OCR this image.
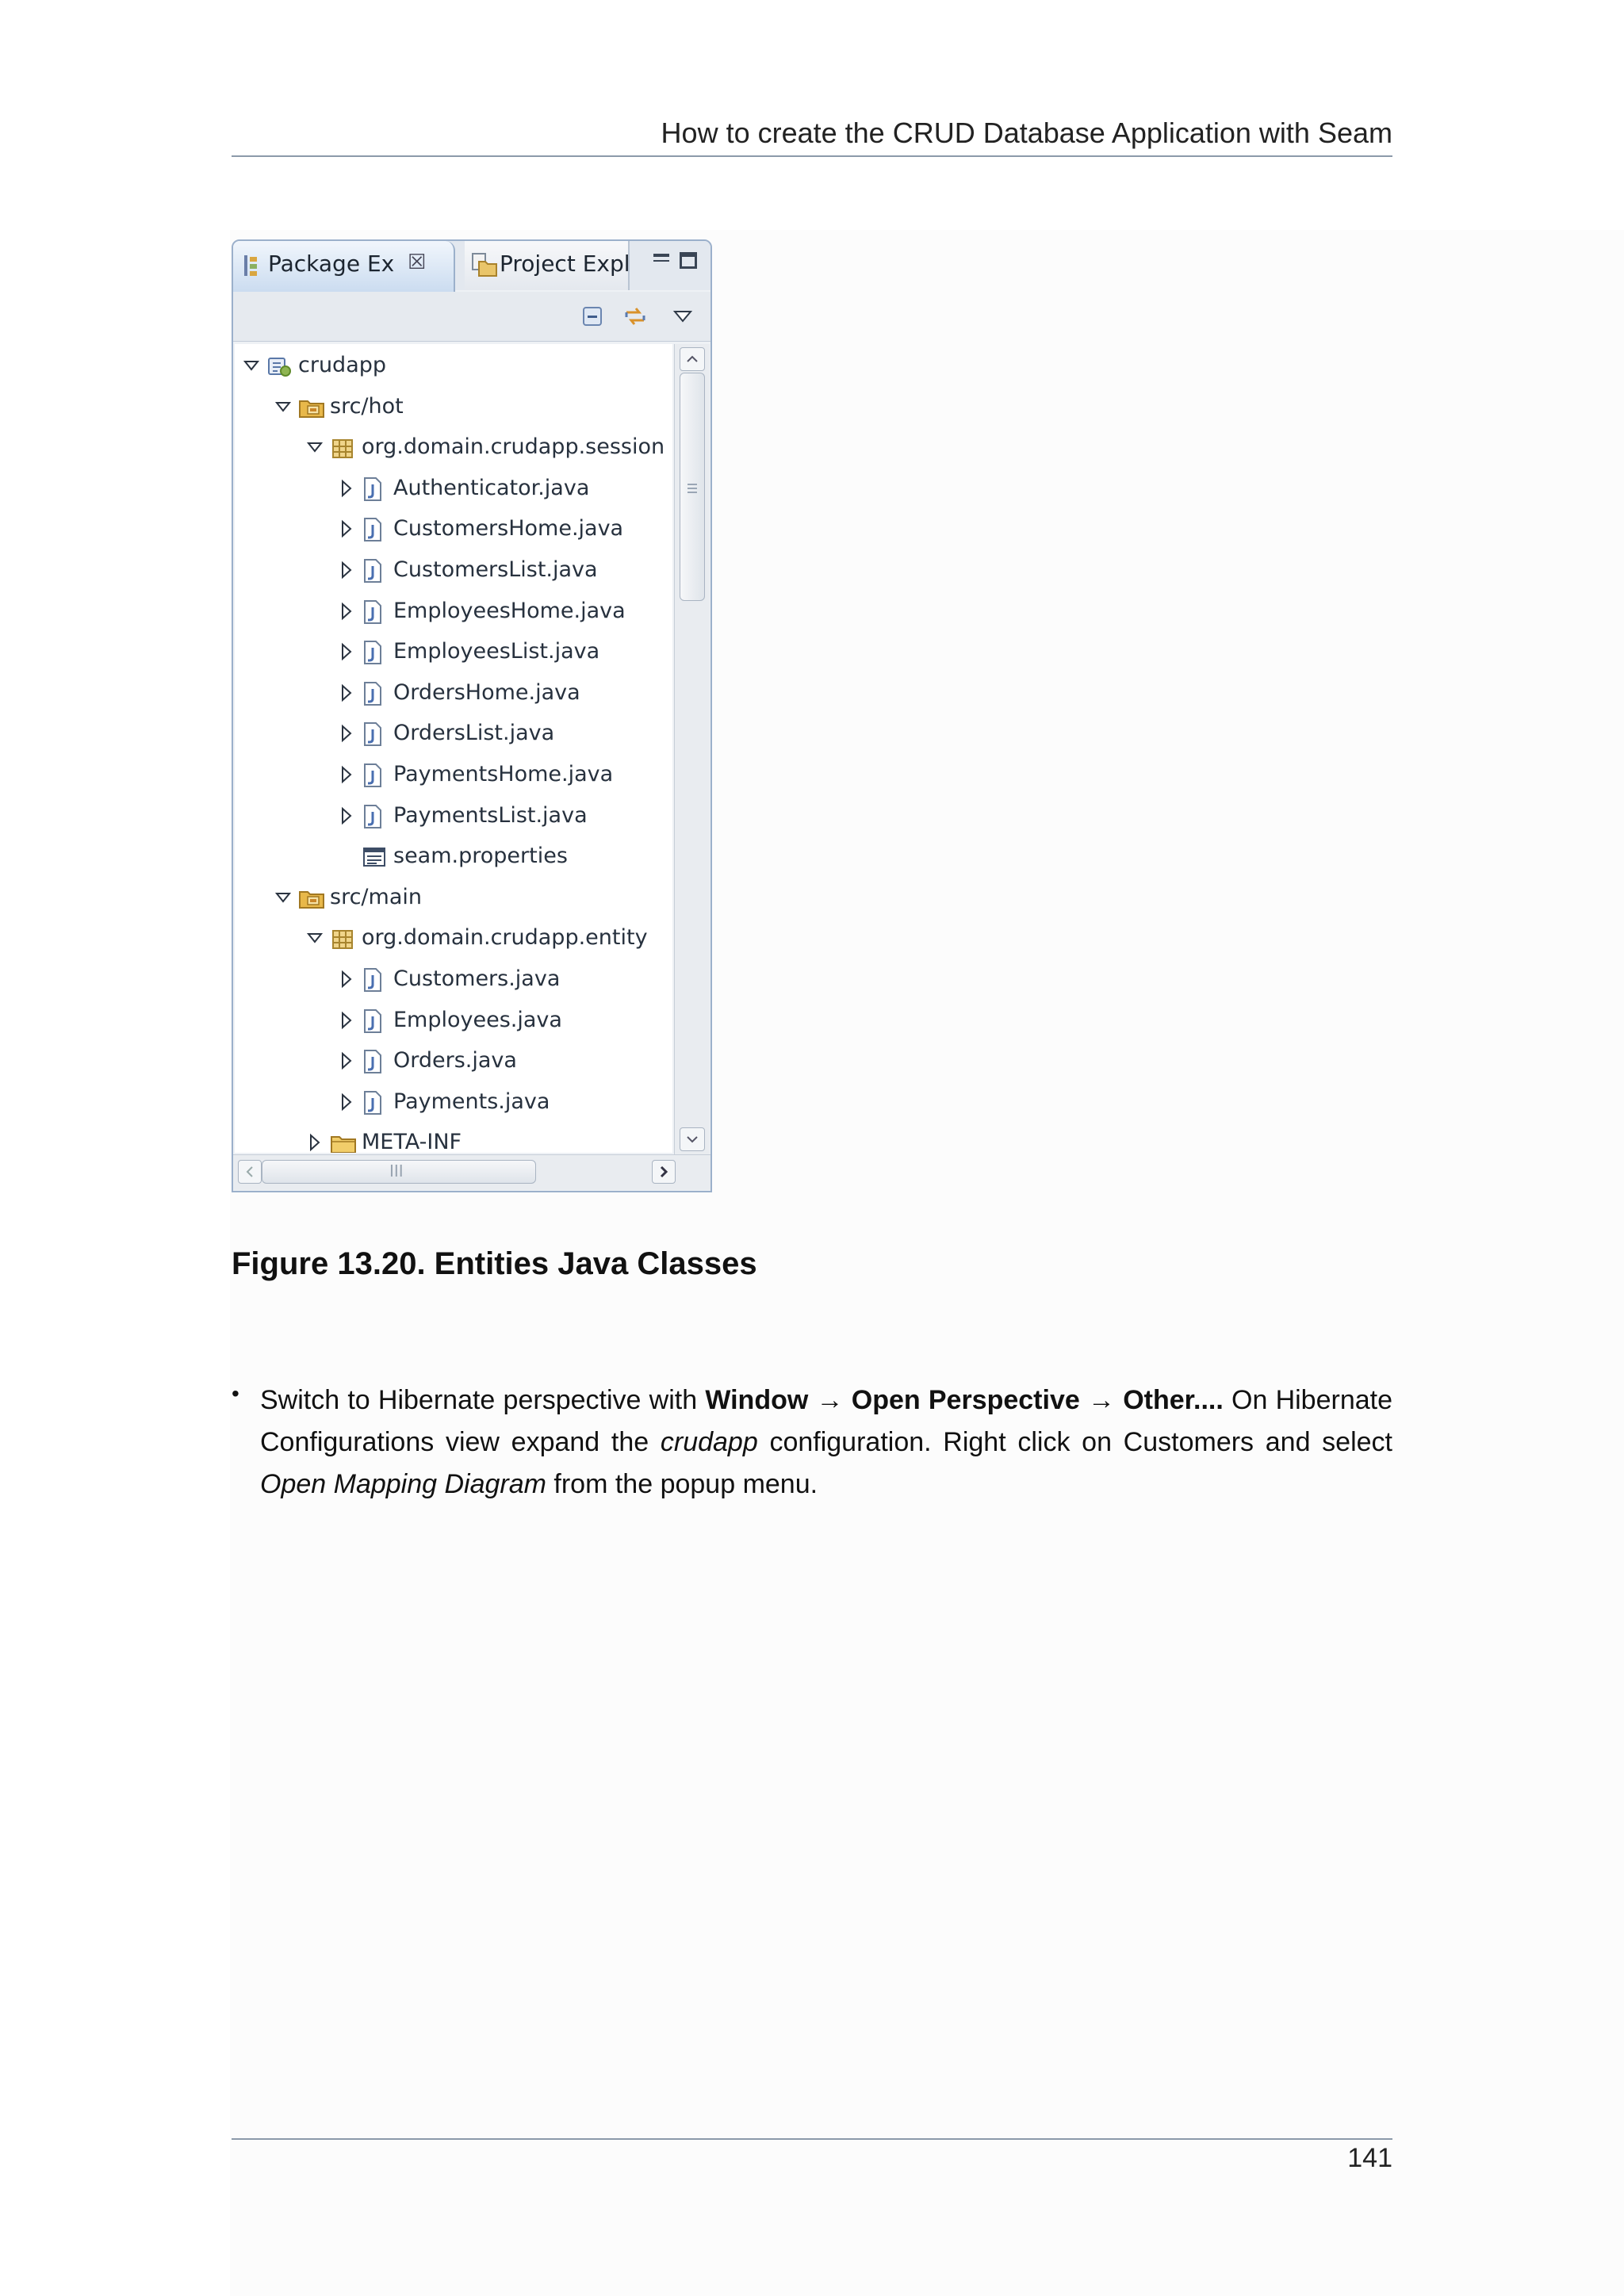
How to create the CRUD Database Application with Seam
Package Ex ☒	Project Expl
crudapp
src/hot
org.domain.crudapp.session
Authenticator.java
CustomersHome.java
CustomersList.java
EmployeesHome.java
EmployeesList.java
OrdersHome.java
OrdersList.java
PaymentsHome.java
PaymentsList.java
seam.properties
src/main
org.domain.crudapp.entity
Customers.java
Employees.java
Orders.java
Payments.java
META-INF
III
Figure 13.20. Entities Java Classes
• Switch to Hibernate perspective with Window → Open Perspective → Other.... On Hibernate Configurations view expand the crudapp configuration. Right click on Customers and select Open Mapping Diagram from the popup menu.
141
